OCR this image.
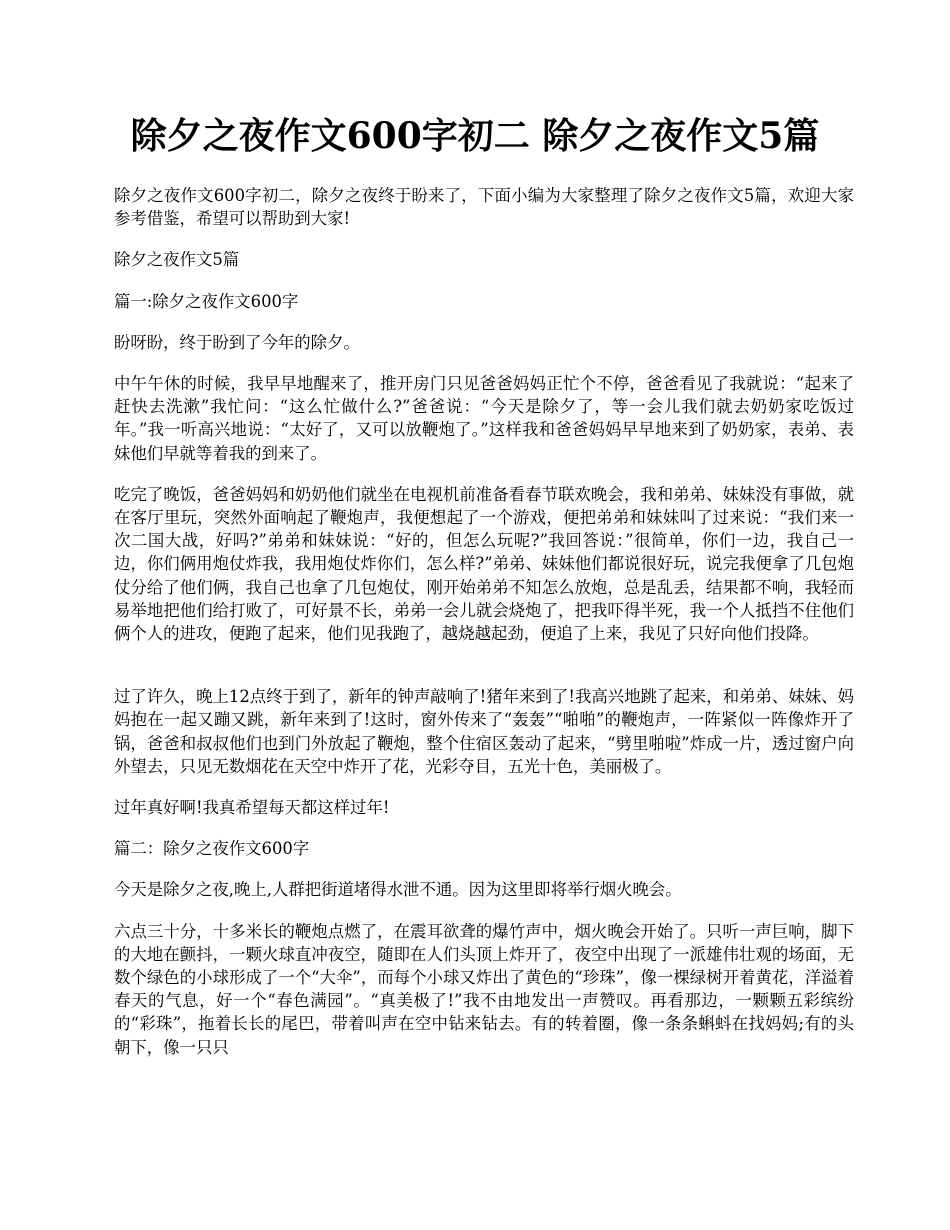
除夕之夜作文600字初二 除夕之夜作文5篇

除夕之夜作文600字初二，除夕之夜终于盼来了，下面小编为大家整理了除夕之夜作文5篇，欢迎大家参考借鉴，希望可以帮助到大家!

除夕之夜作文5篇

篇一:除夕之夜作文600字

盼呀盼，终于盼到了今年的除夕。

中午午休的时候，我早早地醒来了，推开房门只见爸爸妈妈正忙个不停，爸爸看见了我就说：“起来了赶快去洗漱”我忙问：“这么忙做什么?”爸爸说：“今天是除夕了，等一会儿我们就去奶奶家吃饭过年。”我一听高兴地说：“太好了，又可以放鞭炮了。”这样我和爸爸妈妈早早地来到了奶奶家，表弟、表妹他们早就等着我的到来了。

吃完了晚饭，爸爸妈妈和奶奶他们就坐在电视机前准备看春节联欢晚会，我和弟弟、妹妹没有事做，就在客厅里玩，突然外面响起了鞭炮声，我便想起了一个游戏，便把弟弟和妹妹叫了过来说：“我们来一次二国大战，好吗?”弟弟和妹妹说：“好的，但怎么玩呢?”我回答说：”很简单，你们一边，我自己一边，你们俩用炮仗炸我，我用炮仗炸你们，怎么样?”弟弟、妹妹他们都说很好玩，说完我便拿了几包炮仗分给了他们俩，我自己也拿了几包炮仗，刚开始弟弟不知怎么放炮，总是乱丢，结果都不响，我轻而易举地把他们给打败了，可好景不长，弟弟一会儿就会烧炮了，把我吓得半死，我一个人抵挡不住他们俩个人的进攻，便跑了起来，他们见我跑了，越烧越起劲，便追了上来，我见了只好向他们投降。

过了许久，晚上12点终于到了，新年的钟声敲响了!猪年来到了!我高兴地跳了起来，和弟弟、妹妹、妈妈抱在一起又蹦又跳，新年来到了!这时，窗外传来了“轰轰”“啪啪”的鞭炮声，一阵紧似一阵像炸开了锅，爸爸和叔叔他们也到门外放起了鞭炮，整个住宿区轰动了起来，“劈里啪啦”炸成一片，透过窗户向外望去，只见无数烟花在天空中炸开了花，光彩夺目，五光十色，美丽极了。

过年真好啊!我真希望每天都这样过年!

篇二：除夕之夜作文600字

今天是除夕之夜,晚上,人群把街道堵得水泄不通。因为这里即将举行烟火晚会。

六点三十分，十多米长的鞭炮点燃了，在震耳欲聋的爆竹声中，烟火晚会开始了。只听一声巨响，脚下的大地在颤抖，一颗火球直冲夜空，随即在人们头顶上炸开了，夜空中出现了一派雄伟壮观的场面，无数个绿色的小球形成了一个“大伞”，而每个小球又炸出了黄色的“珍珠”，像一棵绿树开着黄花，洋溢着春天的气息，好一个“春色满园”。“真美极了!”我不由地发出一声赞叹。再看那边，一颗颗五彩缤纷的“彩珠”，拖着长长的尾巴，带着叫声在空中钻来钻去。有的转着圈，像一条条蝌蚪在找妈妈;有的头朝下，像一只只
